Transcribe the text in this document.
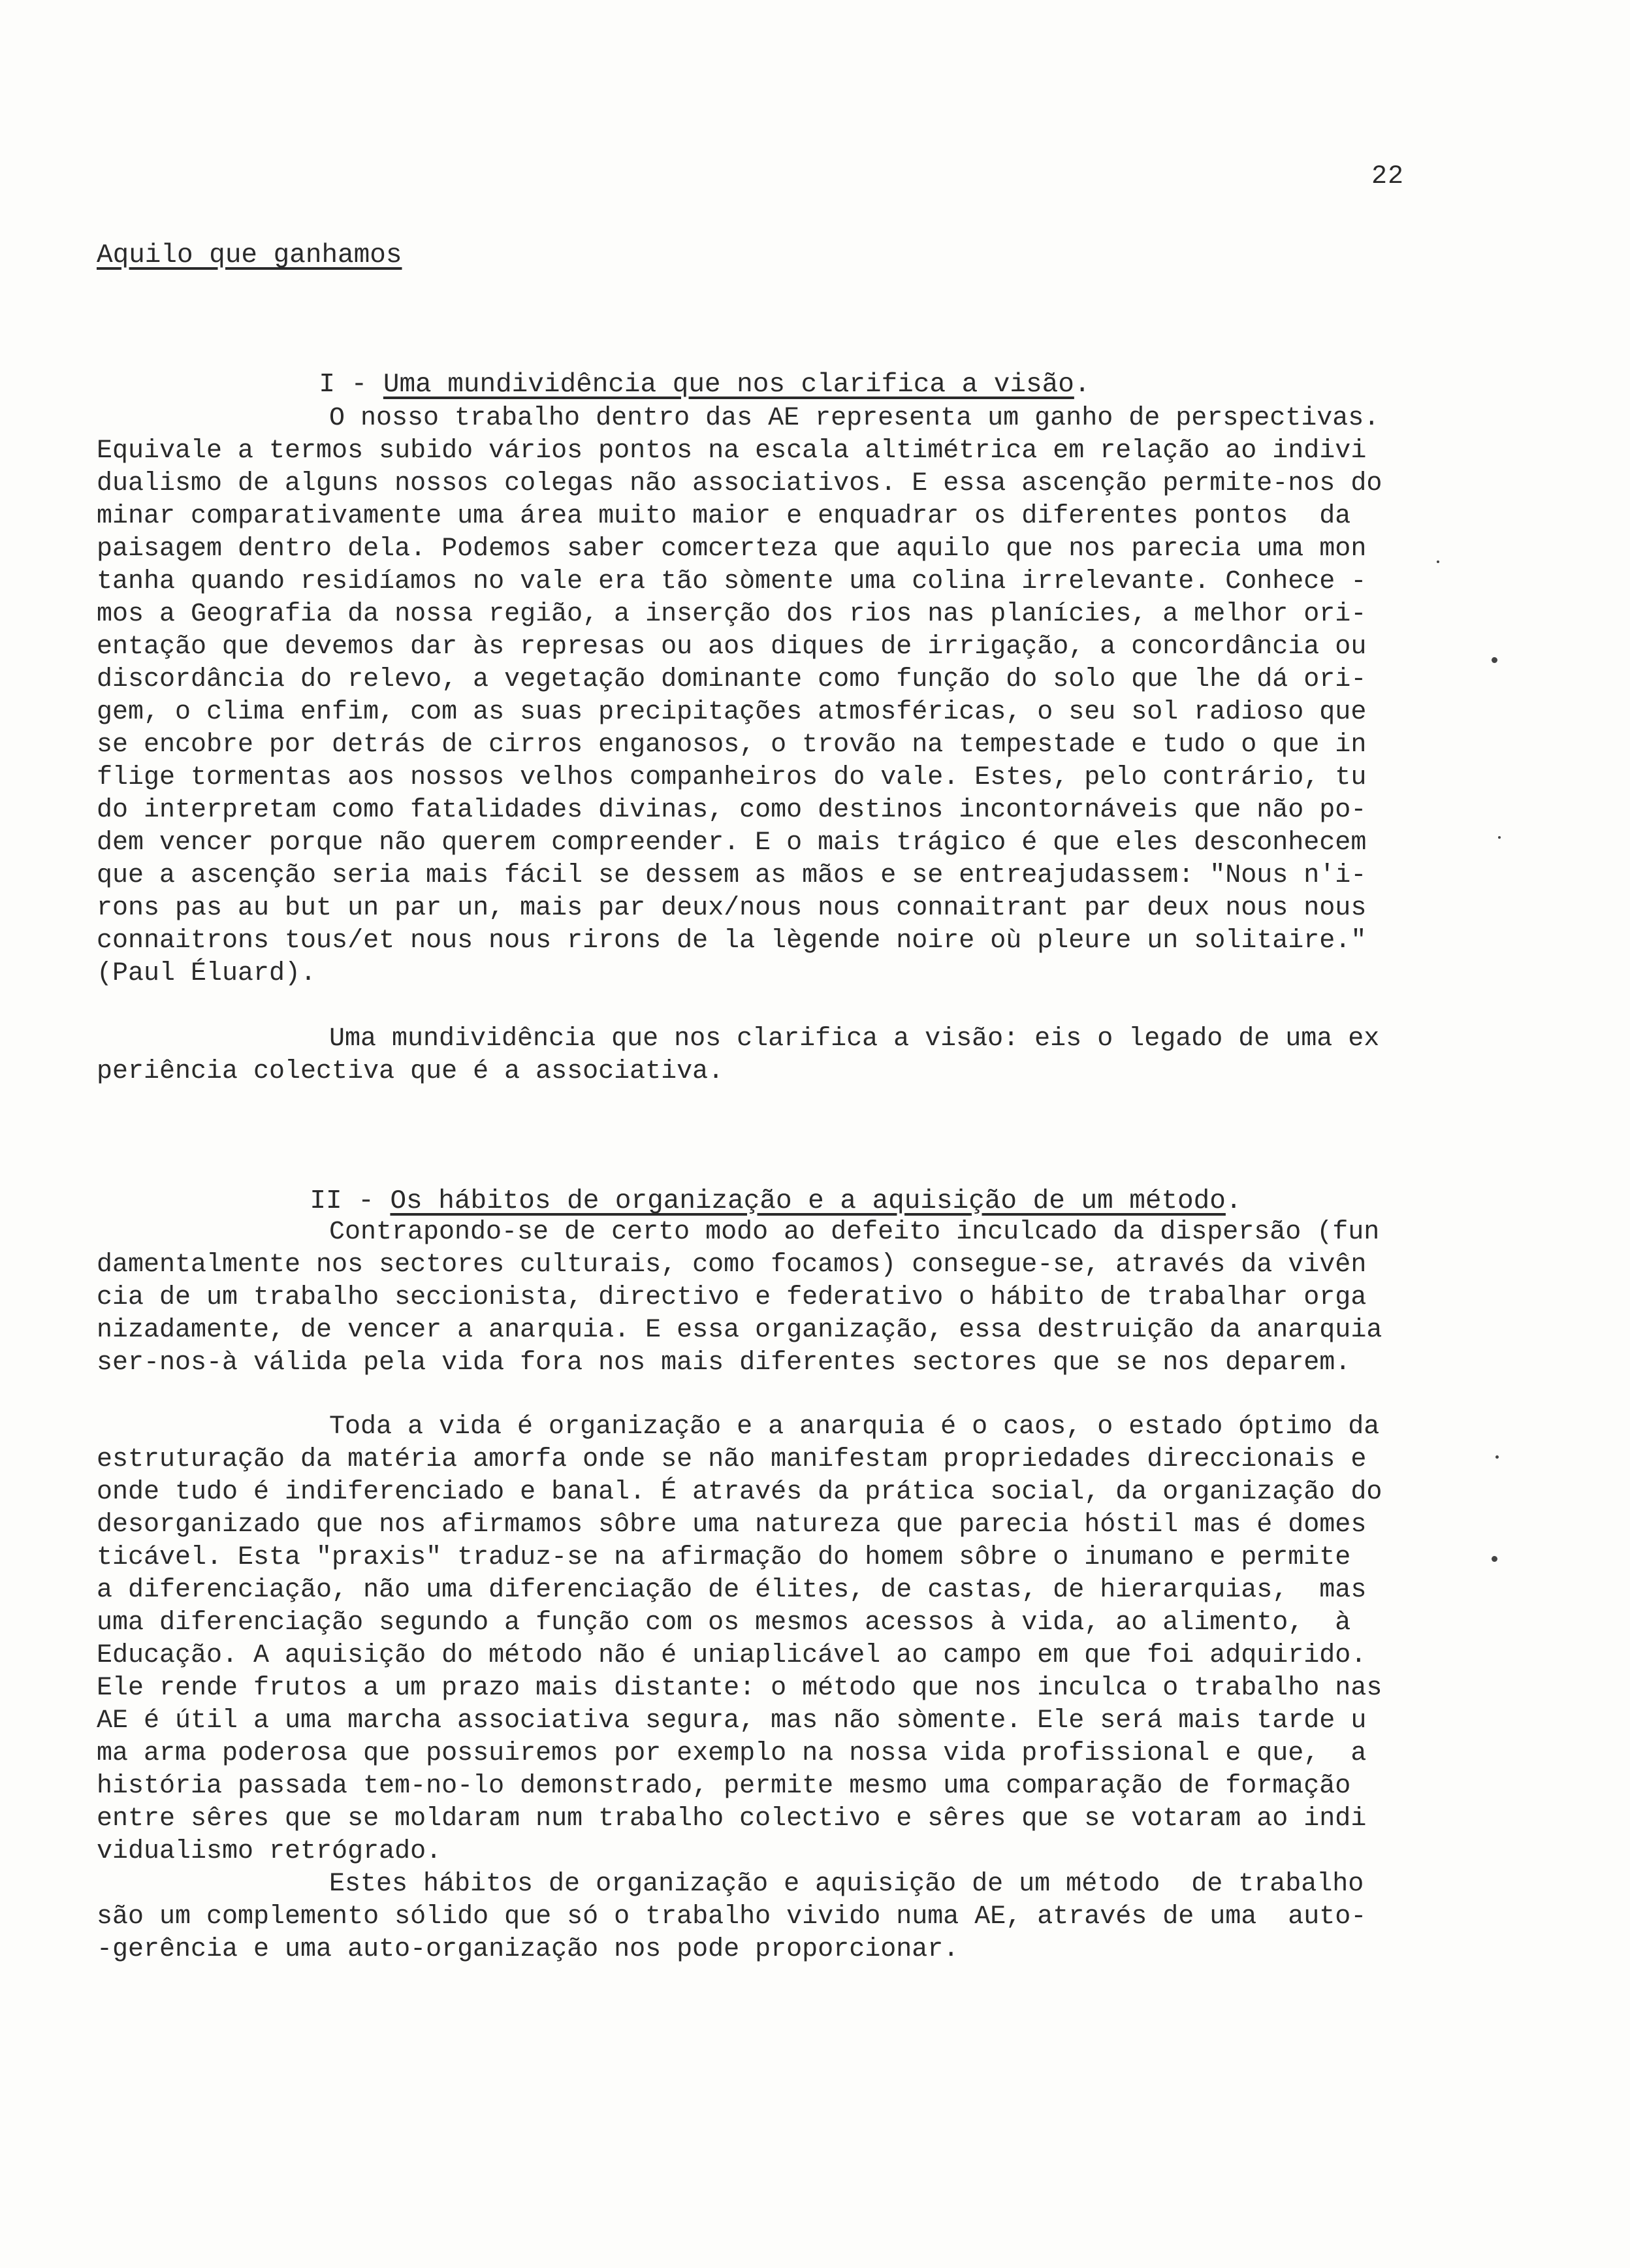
22
Aquilo que ganhamos

I - Uma mundividência que nos clarifica a visão.

O nosso trabalho dentro das AE representa um ganho de perspectivas.
Equivale a termos subido vários pontos na escala altimétrica em relação ao indivi
dualismo de alguns nossos colegas não associativos. E essa ascenção permite-nos do
minar comparativamente uma área muito maior e enquadrar os diferentes pontos  da
paisagem dentro dela. Podemos saber comcerteza que aquilo que nos parecia uma mon
tanha quando residíamos no vale era tão sòmente uma colina irrelevante. Conhece -
mos a Geografia da nossa região, a inserção dos rios nas planícies, a melhor ori-
entação que devemos dar às represas ou aos diques de irrigação, a concordância ou
discordância do relevo, a vegetação dominante como função do solo que lhe dá ori-
gem, o clima enfim, com as suas precipitações atmosféricas, o seu sol radioso que
se encobre por detrás de cirros enganosos, o trovão na tempestade e tudo o que in
flige tormentas aos nossos velhos companheiros do vale. Estes, pelo contrário, tu
do interpretam como fatalidades divinas, como destinos incontornáveis que não po-
dem vencer porque não querem compreender. E o mais trágico é que eles desconhecem
que a ascenção seria mais fácil se dessem as mãos e se entreajudassem: "Nous n'i-
rons pas au but un par un, mais par deux/nous nous connaitrant par deux nous nous
connaitrons tous/et nous nous rirons de la lègende noire où pleure un solitaire."
(Paul Éluard).
Uma mundividência que nos clarifica a visão: eis o legado de uma ex
periência colectiva que é a associativa.

II - Os hábitos de organização e a aquisição de um método.

Contrapondo-se de certo modo ao defeito inculcado da dispersão (fun
damentalmente nos sectores culturais, como focamos) consegue-se, através da vivên
cia de um trabalho seccionista, directivo e federativo o hábito de trabalhar orga
nizadamente, de vencer a anarquia. E essa organização, essa destruição da anarquia
ser-nos-à válida pela vida fora nos mais diferentes sectores que se nos deparem.
Toda a vida é organização e a anarquia é o caos, o estado óptimo da
estruturação da matéria amorfa onde se não manifestam propriedades direccionais e
onde tudo é indiferenciado e banal. É através da prática social, da organização do
desorganizado que nos afirmamos sôbre uma natureza que parecia hóstil mas é domes
ticável. Esta "praxis" traduz-se na afirmação do homem sôbre o inumano e permite
a diferenciação, não uma diferenciação de élites, de castas, de hierarquias,  mas
uma diferenciação segundo a função com os mesmos acessos à vida, ao alimento,  à
Educação. A aquisição do método não é uniaplicável ao campo em que foi adquirido.
Ele rende frutos a um prazo mais distante: o método que nos inculca o trabalho nas
AE é útil a uma marcha associativa segura, mas não sòmente. Ele será mais tarde u
ma arma poderosa que possuiremos por exemplo na nossa vida profissional e que,  a
história passada tem-no-lo demonstrado, permite mesmo uma comparação de formação
entre sêres que se moldaram num trabalho colectivo e sêres que se votaram ao indi
vidualismo retrógrado.
Estes hábitos de organização e aquisição de um método  de trabalho
são um complemento sólido que só o trabalho vivido numa AE, através de uma  auto-
-gerência e uma auto-organização nos pode proporcionar.
